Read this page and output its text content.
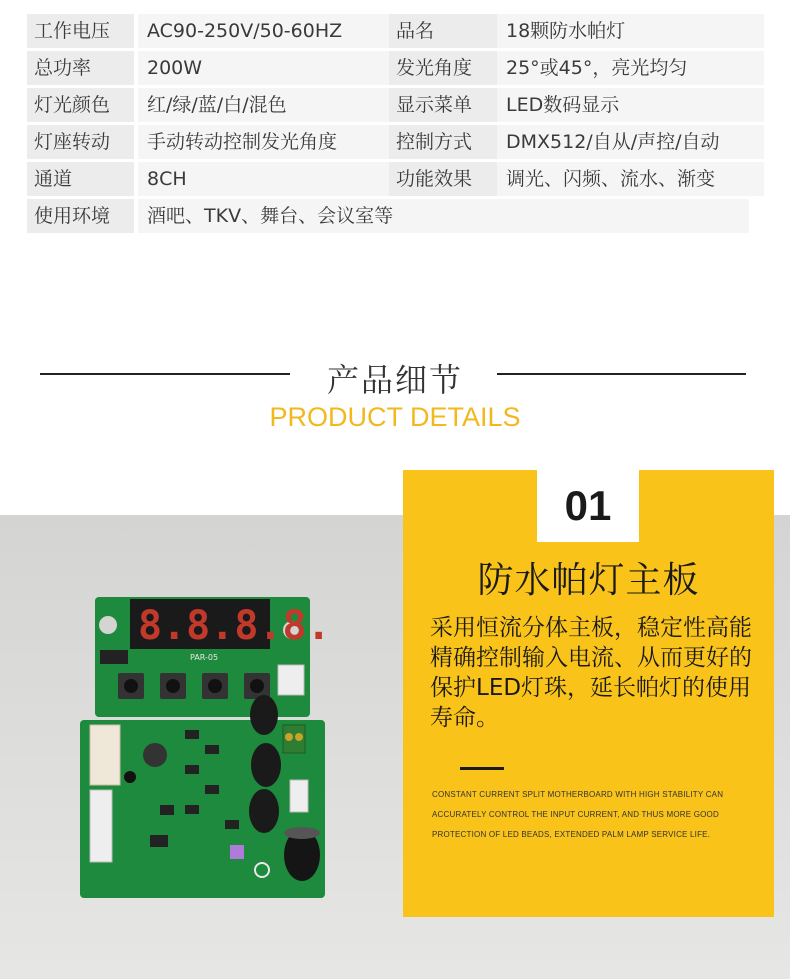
工作电压	AC90-250V/50-60HZ	品名	18颗防水帕灯
总功率	200W	发光角度	25°或45°，亮光均匀
灯光颜色	红/绿/蓝/白/混色	显示菜单	LED数码显示
灯座转动	手动转动控制发光角度	控制方式	DMX512/自从/声控/自动
通道	8CH	功能效果	调光、闪频、流水、渐变
使用环境	酒吧、TKV、舞台、会议室等
产品细节
PRODUCT DETAILS
8.8.8.8.
PAR-05
01
防水帕灯主板
采用恒流分体主板，稳定性高能精确控制输入电流、从而更好的保护LED灯珠，延长帕灯的使用寿命。
CONSTANT CURRENT SPLIT MOTHERBOARD WITH HIGH STABILITY CAN ACCURATELY CONTROL THE INPUT CURRENT, AND THUS MORE GOOD PROTECTION OF LED BEADS, EXTENDED PALM LAMP SERVICE LIFE.
